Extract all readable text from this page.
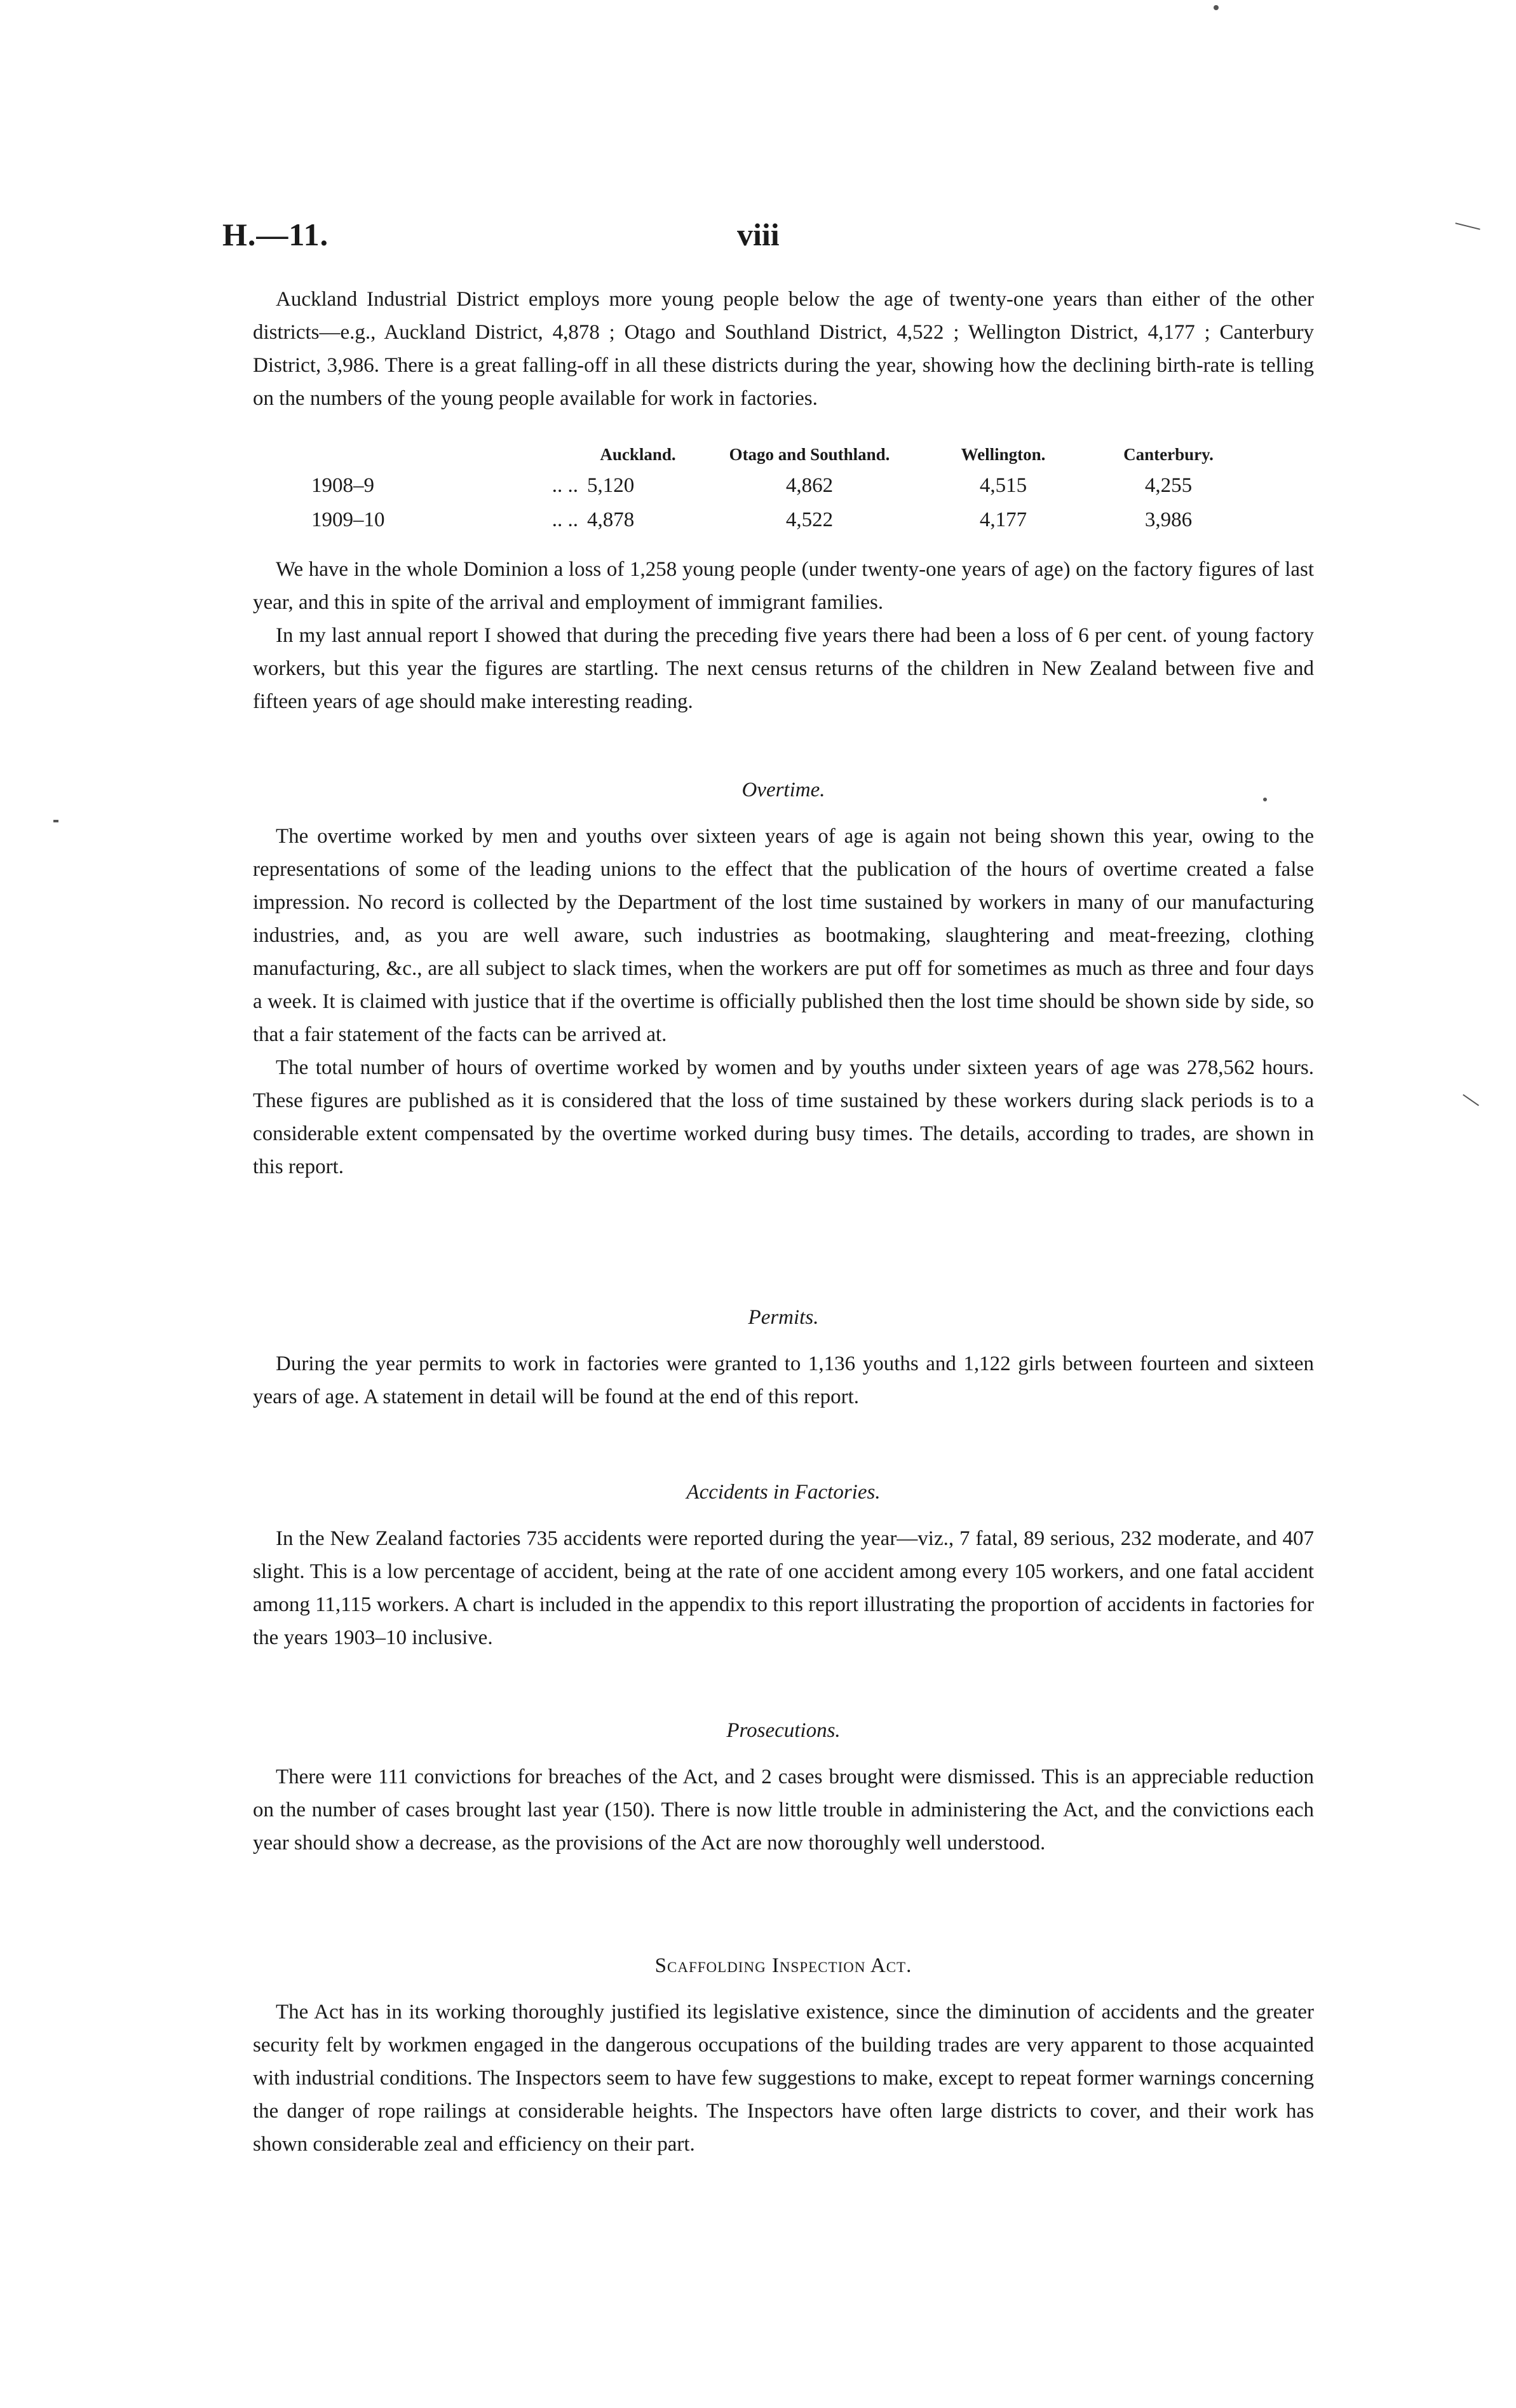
H.—11.	viii

Auckland Industrial District employs more young people below the age of twenty-one years than either of the other districts—e.g., Auckland District, 4,878 ; Otago and Southland District, 4,522 ; Wellington District, 4,177 ; Canterbury District, 3,986. There is a great falling-off in all these districts during the year, showing how the declining birth-rate is telling on the numbers of the young people available for work in factories.

		Auckland.	Otago and Southland.	Wellington.	Canterbury.
1908–9	.. ..	5,120	4,862	4,515	4,255
1909–10	.. ..	4,878	4,522	4,177	3,986

We have in the whole Dominion a loss of 1,258 young people (under twenty-one years of age) on the factory figures of last year, and this in spite of the arrival and employment of immigrant families.

In my last annual report I showed that during the preceding five years there had been a loss of 6 per cent. of young factory workers, but this year the figures are startling. The next census returns of the children in New Zealand between five and fifteen years of age should make interesting reading.

Overtime.

The overtime worked by men and youths over sixteen years of age is again not being shown this year, owing to the representations of some of the leading unions to the effect that the publication of the hours of overtime created a false impression. No record is collected by the Department of the lost time sustained by workers in many of our manufacturing industries, and, as you are well aware, such industries as bootmaking, slaughtering and meat-freezing, clothing manufacturing, &c., are all subject to slack times, when the workers are put off for sometimes as much as three and four days a week. It is claimed with justice that if the overtime is officially published then the lost time should be shown side by side, so that a fair statement of the facts can be arrived at.

The total number of hours of overtime worked by women and by youths under sixteen years of age was 278,562 hours. These figures are published as it is considered that the loss of time sustained by these workers during slack periods is to a considerable extent compensated by the overtime worked during busy times. The details, according to trades, are shown in this report.

Permits.

During the year permits to work in factories were granted to 1,136 youths and 1,122 girls between fourteen and sixteen years of age. A statement in detail will be found at the end of this report.

Accidents in Factories.

In the New Zealand factories 735 accidents were reported during the year—viz., 7 fatal, 89 serious, 232 moderate, and 407 slight. This is a low percentage of accident, being at the rate of one accident among every 105 workers, and one fatal accident among 11,115 workers. A chart is included in the appendix to this report illustrating the proportion of accidents in factories for the years 1903–10 inclusive.

Prosecutions.

There were 111 convictions for breaches of the Act, and 2 cases brought were dismissed. This is an appreciable reduction on the number of cases brought last year (150). There is now little trouble in administering the Act, and the convictions each year should show a decrease, as the provisions of the Act are now thoroughly well understood.

Scaffolding Inspection Act.

The Act has in its working thoroughly justified its legislative existence, since the diminution of accidents and the greater security felt by workmen engaged in the dangerous occupations of the building trades are very apparent to those acquainted with industrial conditions. The Inspectors seem to have few suggestions to make, except to repeat former warnings concerning the danger of rope railings at considerable heights. The Inspectors have often large districts to cover, and their work has shown considerable zeal and efficiency on their part.
